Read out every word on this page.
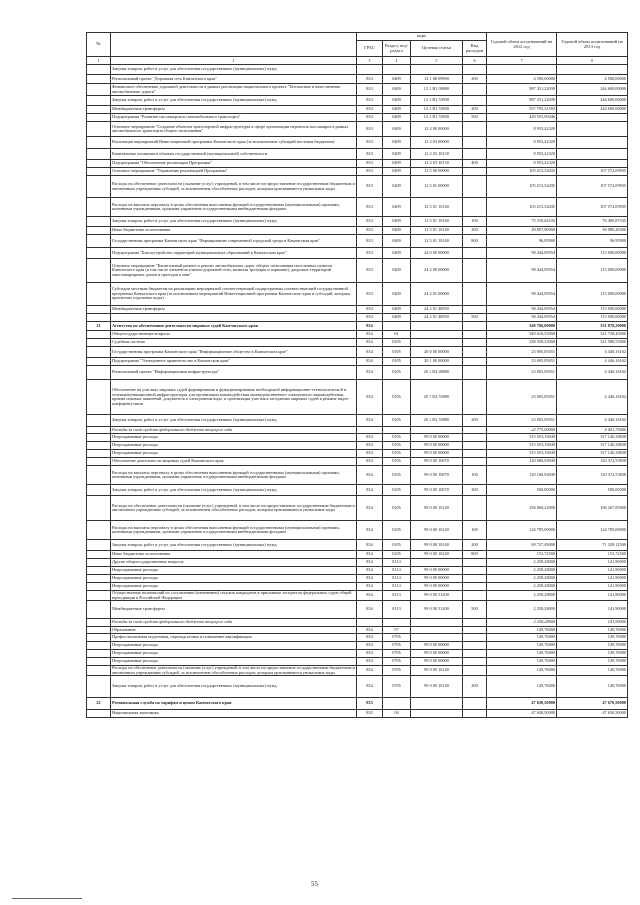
№		коды				Годовой объем ассигнований на 2012 год	Годовой объем ассигнований на 2013 год
		ГРБС	Раздел, под-раздел	Целевая статья	Вид расходов		
1	2	3	4	5	6	7	8
	Закупка товаров, работ и услуг для обеспечения государственных (муниципальных) нужд						
	Региональный проект "Дорожная сеть Камчатского края"	833	0409	12 1 08 09990	200	4 500,00000	4 500,00000
	Финансовое обеспечение дорожной деятельности в рамках реализации национального проекта "Безопасные и качественные автомобильные дороги"	833	0409	12 1 R1 00000		987 351,22039	244 600,00000
	Закупка товаров, работ и услуг для обеспечения государственных (муниципальных) нужд	833	0409	12 1 R1 53930		987 351,22039	244 600,00000
	Межбюджетные трансферты	833	0409	12 1 R1 53930	200	557 795,31593	244 600,00000
	Подпрограмма "Развитие пассажирского автомобильного транспорта"	833	0409	12 1 R1 53930	500	429 555,90446	
	Основное мероприятие "Создание объектов транспортной инфраструктуры в сфере организации перевозок пассажиров в рамках автомобильного транспорта общего пользования"	833	0409	12 2 00 00000		8 953,42320	
	Реализация мероприятий Инвестиционной программы Камчатского края (за исключением субсидий местным бюджетам)	833	0409	12 2 03 00000		8 953,42320	
	Капитальные вложения в объекты государственной (муниципальной) собственности	833	0409	12 2 03 10130		8 953,42320	
	Подпрограмма "Обеспечение реализации Программы"	833	0409	12 2 03 10130	400	8 953,42320	
	Основное мероприятие "Управление реализацией Программы"	833	0409	12 5 00 00000		105 213,54435	107 572,09935
	Расходы на обеспечение деятельности (оказание услуг) учреждений, в том числе на предоставление государственным бюджетным и автономным учреждениям субсидий, за исключением обособленных расходов, которым присваиваются уникальные коды	833	0409	12 5 01 00000		105 213,54435	107 572,09935
	Расходы на выплаты персоналу в целях обеспечения выполнения функций государственными (муниципальными) органами, казенными учреждениями, органами управления государственными внебюджетными фондами	833	0409	12 5 01 10140		105 213,54435	107 572,09935
	Закупка товаров, работ и услуг для обеспечения государственных (муниципальных) нужд	833	0409	12 5 01 10140	100	75 318,62535	76 485,87535
	Иные бюджетные ассигнования	833	0409	12 5 01 10140	200	29 897,90000	30 989,26500
	Государственная программа Камчатского края "Формирование современной городской среды в Камчатском крае"	833	0409	12 5 01 10140	800	96,95900	96,95900
	Подпрограмма "Благоустройство территорий муниципальных образований в Камчатском крае"	833	0409	24 0 00 00000		98 444,09554	115 000,00000
	Основное мероприятие "Капитальный ремонт и ремонт автомобильных дорог общего пользования населенных пунктов Камчатского края (в том числе элементов улично-дорожной сети, включая тротуары и парковки), дворовых территорий многоквартирных домов и проездов к ним"	833	0409	24 2 00 00000		98 444,09554	115 000,00000
	Субсидии местным бюджетам на реализацию мероприятий соответствующей подпрограммы соответствующей государственной программы Камчатского края (за исключением мероприятий Инвестиционной программы Камчатского края и субсидий, которым присвоены отдельные коды)	833	0409	24 2 01 00000		98 444,09554	115 000,00000
	Межбюджетные трансферты	833	0409	24 2 01 40050		98 444,09554	115 000,00000
		833	0409	24 2 01 40050	500	98 444,09554	115 000,00000
21	Агентство по обеспечению деятельности мировых судей Камчатского края	834				340 786,00000	331 878,20000
	Общегосударственные вопросы	834	01			340 616,52000	321 728,45000
	Судебная система	834	0105			338 358,23000	321 586,55000
	Государственная программа Камчатского края "Информационное общество в Камчатском крае"	834	0105	20 0 00 00000		23 005,05051	4 446,16162
	Подпрограмма "Электронное правительство в Камчатском крае"	834	0105	20 1 00 00000		23 005,05051	4 446,16162
	Региональный проект "Информационная инфраструктура"	834	0105	20 1 D2 00000		23 005,05051	4 446,16162
	Обеспечение на участках мировых судей формирования и функционирования необходимой информационно-технологической и телекоммуникационной инфраструктуры для организации взаимодействия межведомственного электронного взаимодействия, приема исковых заявлений, документов в электронном виде, и организация участия в заседаниях мировых судей в режиме видео-конференц-связи	834	0105	20 1 D2 55890		23 005,05051	4 446,16162
	Закупка товаров, работ и услуг для обеспечения государственных (муниципальных) нужд	834	0105	20 1 D2 55890	200	23 005,05051	4 446,16162
	Расходы за счет средств федерального бюджета текущего года					22 775,00000	4 401,70000
	Непрограммные расходы	834	0105	99 0 00 00000		315 353,16949	317 140,38838
	Непрограммные расходы	834	0105	99 0 00 00000		315 353,16949	317 140,38838
	Непрограммные расходы	834	0105	99 0 00 00000		315 353,16949	317 140,38838
	Обеспечение деятельности мировых судей Камчатского края	834	0105	99 0 00 10070		120 686,94949	120 372,53838
	Расходы на выплаты персоналу в целях обеспечения выполнения функций государственными (муниципальными) органами, казенными учреждениями, органами управления государственными внебюджетными фондами	834	0105	99 0 00 10070	100	120 186,94949	120 372,53838
	Закупка товаров, работ и услуг для обеспечения государственных (муниципальных) нужд	834	0105	99 0 00 10070	200	500,00000	500,00000
	Расходы на обеспечение деятельности (оказание услуг) учреждений, в том числе на предоставление государственным бюджетным и автономным учреждениям субсидий, за исключением обособленных расходов, которым присваиваются уникальные коды	834	0105	99 0 00 10140		194 666,22000	196 267,85000
	Расходы на выплаты персоналу в целях обеспечения выполнения функций государственными (муниципальными) органами, казенными учреждениями, органами управления государственными внебюджетными фондами	834	0105	99 0 00 10140	100	124 785,00000	124 785,00000
	Закупка товаров, работ и услуг для обеспечения государственных (муниципальных) нужд	834	0105	99 0 00 10140	200	69 727,49000	71 329,12500
	Иные бюджетные ассигнования	834	0105	99 0 00 10140	800	153,72500	153,72500
	Другие общегосударственные вопросы	834	0113			2 258,28000	141,90000
	Непрограммные расходы	834	0113	99 0 00 00000		2 258,28000	141,90000
	Непрограммные расходы	834	0113	99 0 00 00000		2 258,28000	141,90000
	Непрограммные расходы	834	0113	99 0 00 00000		2 258,28000	141,90000
	Осуществление полномочий по составлению (изменению) списков кандидатов в присяжные заседатели федеральных судов общей юрисдикции в Российской Федерации	834	0113	99 0 00 51200		2 258,28000	141,90000
	Межбюджетные трансферты	834	0113	99 0 00 51200	500	2 258,28000	141,90000
	Расходы за счет средств федерального бюджета текущего года					2 258,28000	141,90000
	Образование	834	07			149,76000	149,76000
	Профессиональная подготовка, переподготовка и повышение квалификации	834	0705			149,76000	149,76000
	Непрограммные расходы	834	0705	99 0 00 00000		149,76000	149,76000
	Непрограммные расходы	834	0705	99 0 00 00000		149,76000	149,76000
	Непрограммные расходы	834	0705	99 0 00 00000		149,76000	149,76000
	Расходы на обеспечение деятельности (оказание услуг) учреждений, в том числе на предоставление государственным бюджетным и автономным учреждениям субсидий, за исключением обособленных расходов, которым присваиваются уникальные коды	834	0705	99 0 00 10140		149,76000	149,76000
	Закупка товаров, работ и услуг для обеспечения государственных (муниципальных) нужд	834	0705	99 0 00 10140	200	149,76000	149,76000
22	Региональная служба по тарифам и ценам Камчатского края	835				47 630,50000	47 670,50000
	Национальная экономика	835	04			47 630,50000	47 630,50000
55
